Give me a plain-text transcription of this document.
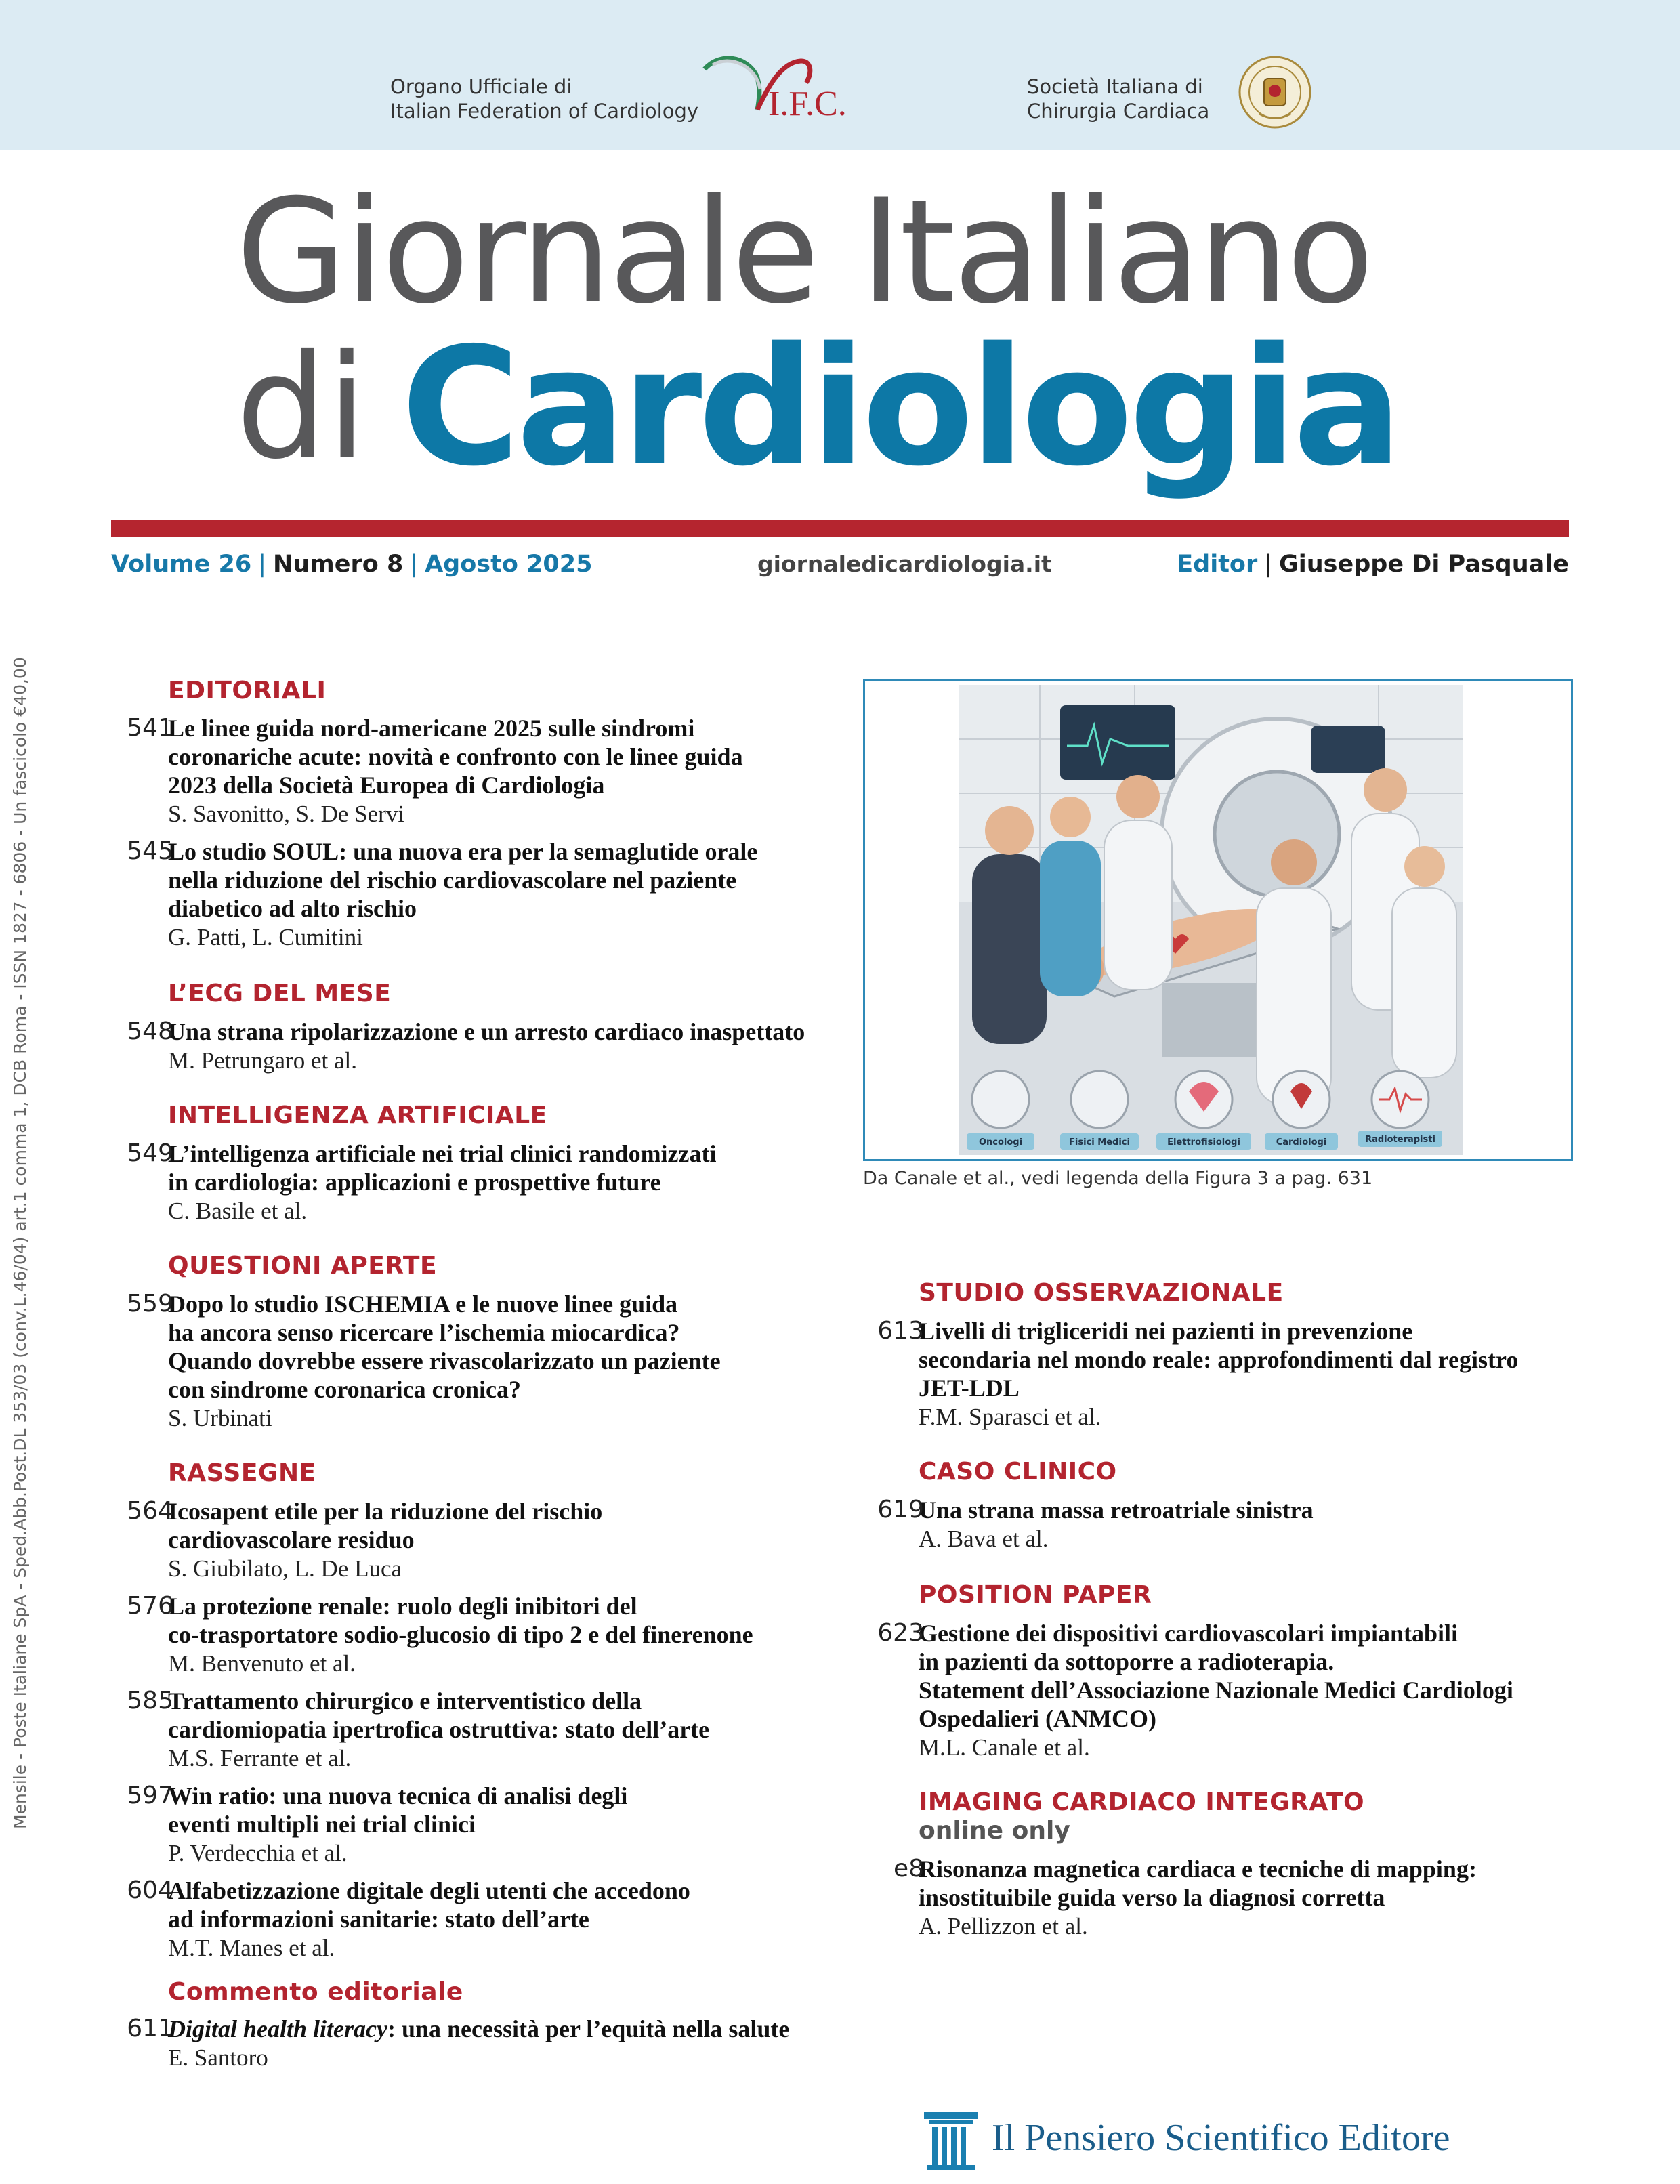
Organo Ufficiale di
Italian Federation of Cardiology I.F.C.	Società Italiana di
Chirurgia Cardiaca
Giornale Italiano
di Cardiologia
Volume 26 | Numero 8 | Agosto 2025	giornaledicardiologia.it	Editor | Giuseppe Di Pasquale
Mensile - Poste Italiane SpA - Sped.Abb.Post.DL 353/03 (conv.L.46/04) art.1 comma 1, DCB Roma - ISSN 1827 - 6806 - Un fascicolo €40,00	EDITORIALI
541
Le linee guida nord-americane 2025 sulle sindromi
coronariche acute: novità e confronto con le linee guida
2023 della Società Europea di Cardiologia
S. Savonitto, S. De Servi
545
Lo studio SOUL: una nuova era per la semaglutide orale
nella riduzione del rischio cardiovascolare nel paziente
diabetico ad alto rischio
G. Patti, L. Cumitini
L’ECG DEL MESE
548
Una strana ripolarizzazione e un arresto cardiaco inaspettato
M. Petrungaro et al.
INTELLIGENZA ARTIFICIALE
549
L’intelligenza artificiale nei trial clinici randomizzati
in cardiologia: applicazioni e prospettive future
C. Basile et al.
QUESTIONI APERTE
559
Dopo lo studio ISCHEMIA e le nuove linee guida
ha ancora senso ricercare l’ischemia miocardica?
Quando dovrebbe essere rivascolarizzato un paziente
con sindrome coronarica cronica?
S. Urbinati
RASSEGNE
564
Icosapent etile per la riduzione del rischio
cardiovascolare residuo
S. Giubilato, L. De Luca
576
La protezione renale: ruolo degli inibitori del
co-trasportatore sodio-glucosio di tipo 2 e del finerenone
M. Benvenuto et al.
585
Trattamento chirurgico e interventistico della
cardiomiopatia ipertrofica ostruttiva: stato dell’arte
M.S. Ferrante et al.
597
Win ratio: una nuova tecnica di analisi degli
eventi multipli nei trial clinici
P. Verdecchia et al.
604
Alfabetizzazione digitale degli utenti che accedono
ad informazioni sanitarie: stato dell’arte
M.T. Manes et al.
Commento editoriale
611
Digital health literacy: una necessità per l’equità nella salute
E. Santoro
Oncologi	Fisici Medici	Elettrofisiologi	Cardiologi	Radioterapisti
Da Canale et al., vedi legenda della Figura 3 a pag. 631
STUDIO OSSERVAZIONALE
613
Livelli di trigliceridi nei pazienti in prevenzione
secondaria nel mondo reale: approfondimenti dal registro
JET-LDL
F.M. Sparasci et al.
CASO CLINICO
619
Una strana massa retroatriale sinistra
A. Bava et al.
POSITION PAPER
623
Gestione dei dispositivi cardiovascolari impiantabili
in pazienti da sottoporre a radioterapia.
Statement dell’Associazione Nazionale Medici Cardiologi
Ospedalieri (ANMCO)
M.L. Canale et al.
IMAGING CARDIACO INTEGRATO
online only
e8
Risonanza magnetica cardiaca e tecniche di mapping:
insostituibile guida verso la diagnosi corretta
A. Pellizzon et al.
Il Pensiero Scientifico Editore
